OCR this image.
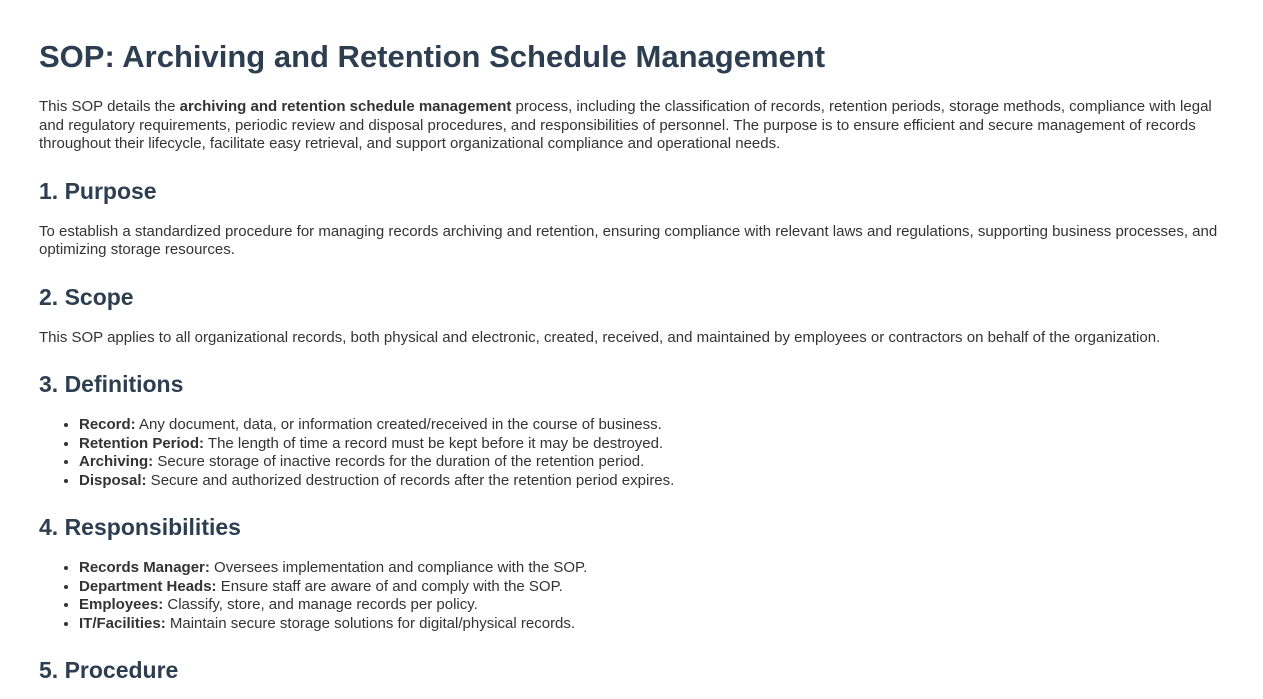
SOP: Archiving and Retention Schedule Management

This SOP details the archiving and retention schedule management process, including the classification of records, retention periods, storage methods, compliance with legal and regulatory requirements, periodic review and disposal procedures, and responsibilities of personnel. The purpose is to ensure efficient and secure management of records throughout their lifecycle, facilitate easy retrieval, and support organizational compliance and operational needs.

1. Purpose

To establish a standardized procedure for managing records archiving and retention, ensuring compliance with relevant laws and regulations, supporting business processes, and optimizing storage resources.

2. Scope

This SOP applies to all organizational records, both physical and electronic, created, received, and maintained by employees or contractors on behalf of the organization.

3. Definitions
• Record: Any document, data, or information created/received in the course of business.
• Retention Period: The length of time a record must be kept before it may be destroyed.
• Archiving: Secure storage of inactive records for the duration of the retention period.
• Disposal: Secure and authorized destruction of records after the retention period expires.
4. Responsibilities
• Records Manager: Oversees implementation and compliance with the SOP.
• Department Heads: Ensure staff are aware of and comply with the SOP.
• Employees: Classify, store, and manage records per policy.
• IT/Facilities: Maintain secure storage solutions for digital/physical records.
5. Procedure
